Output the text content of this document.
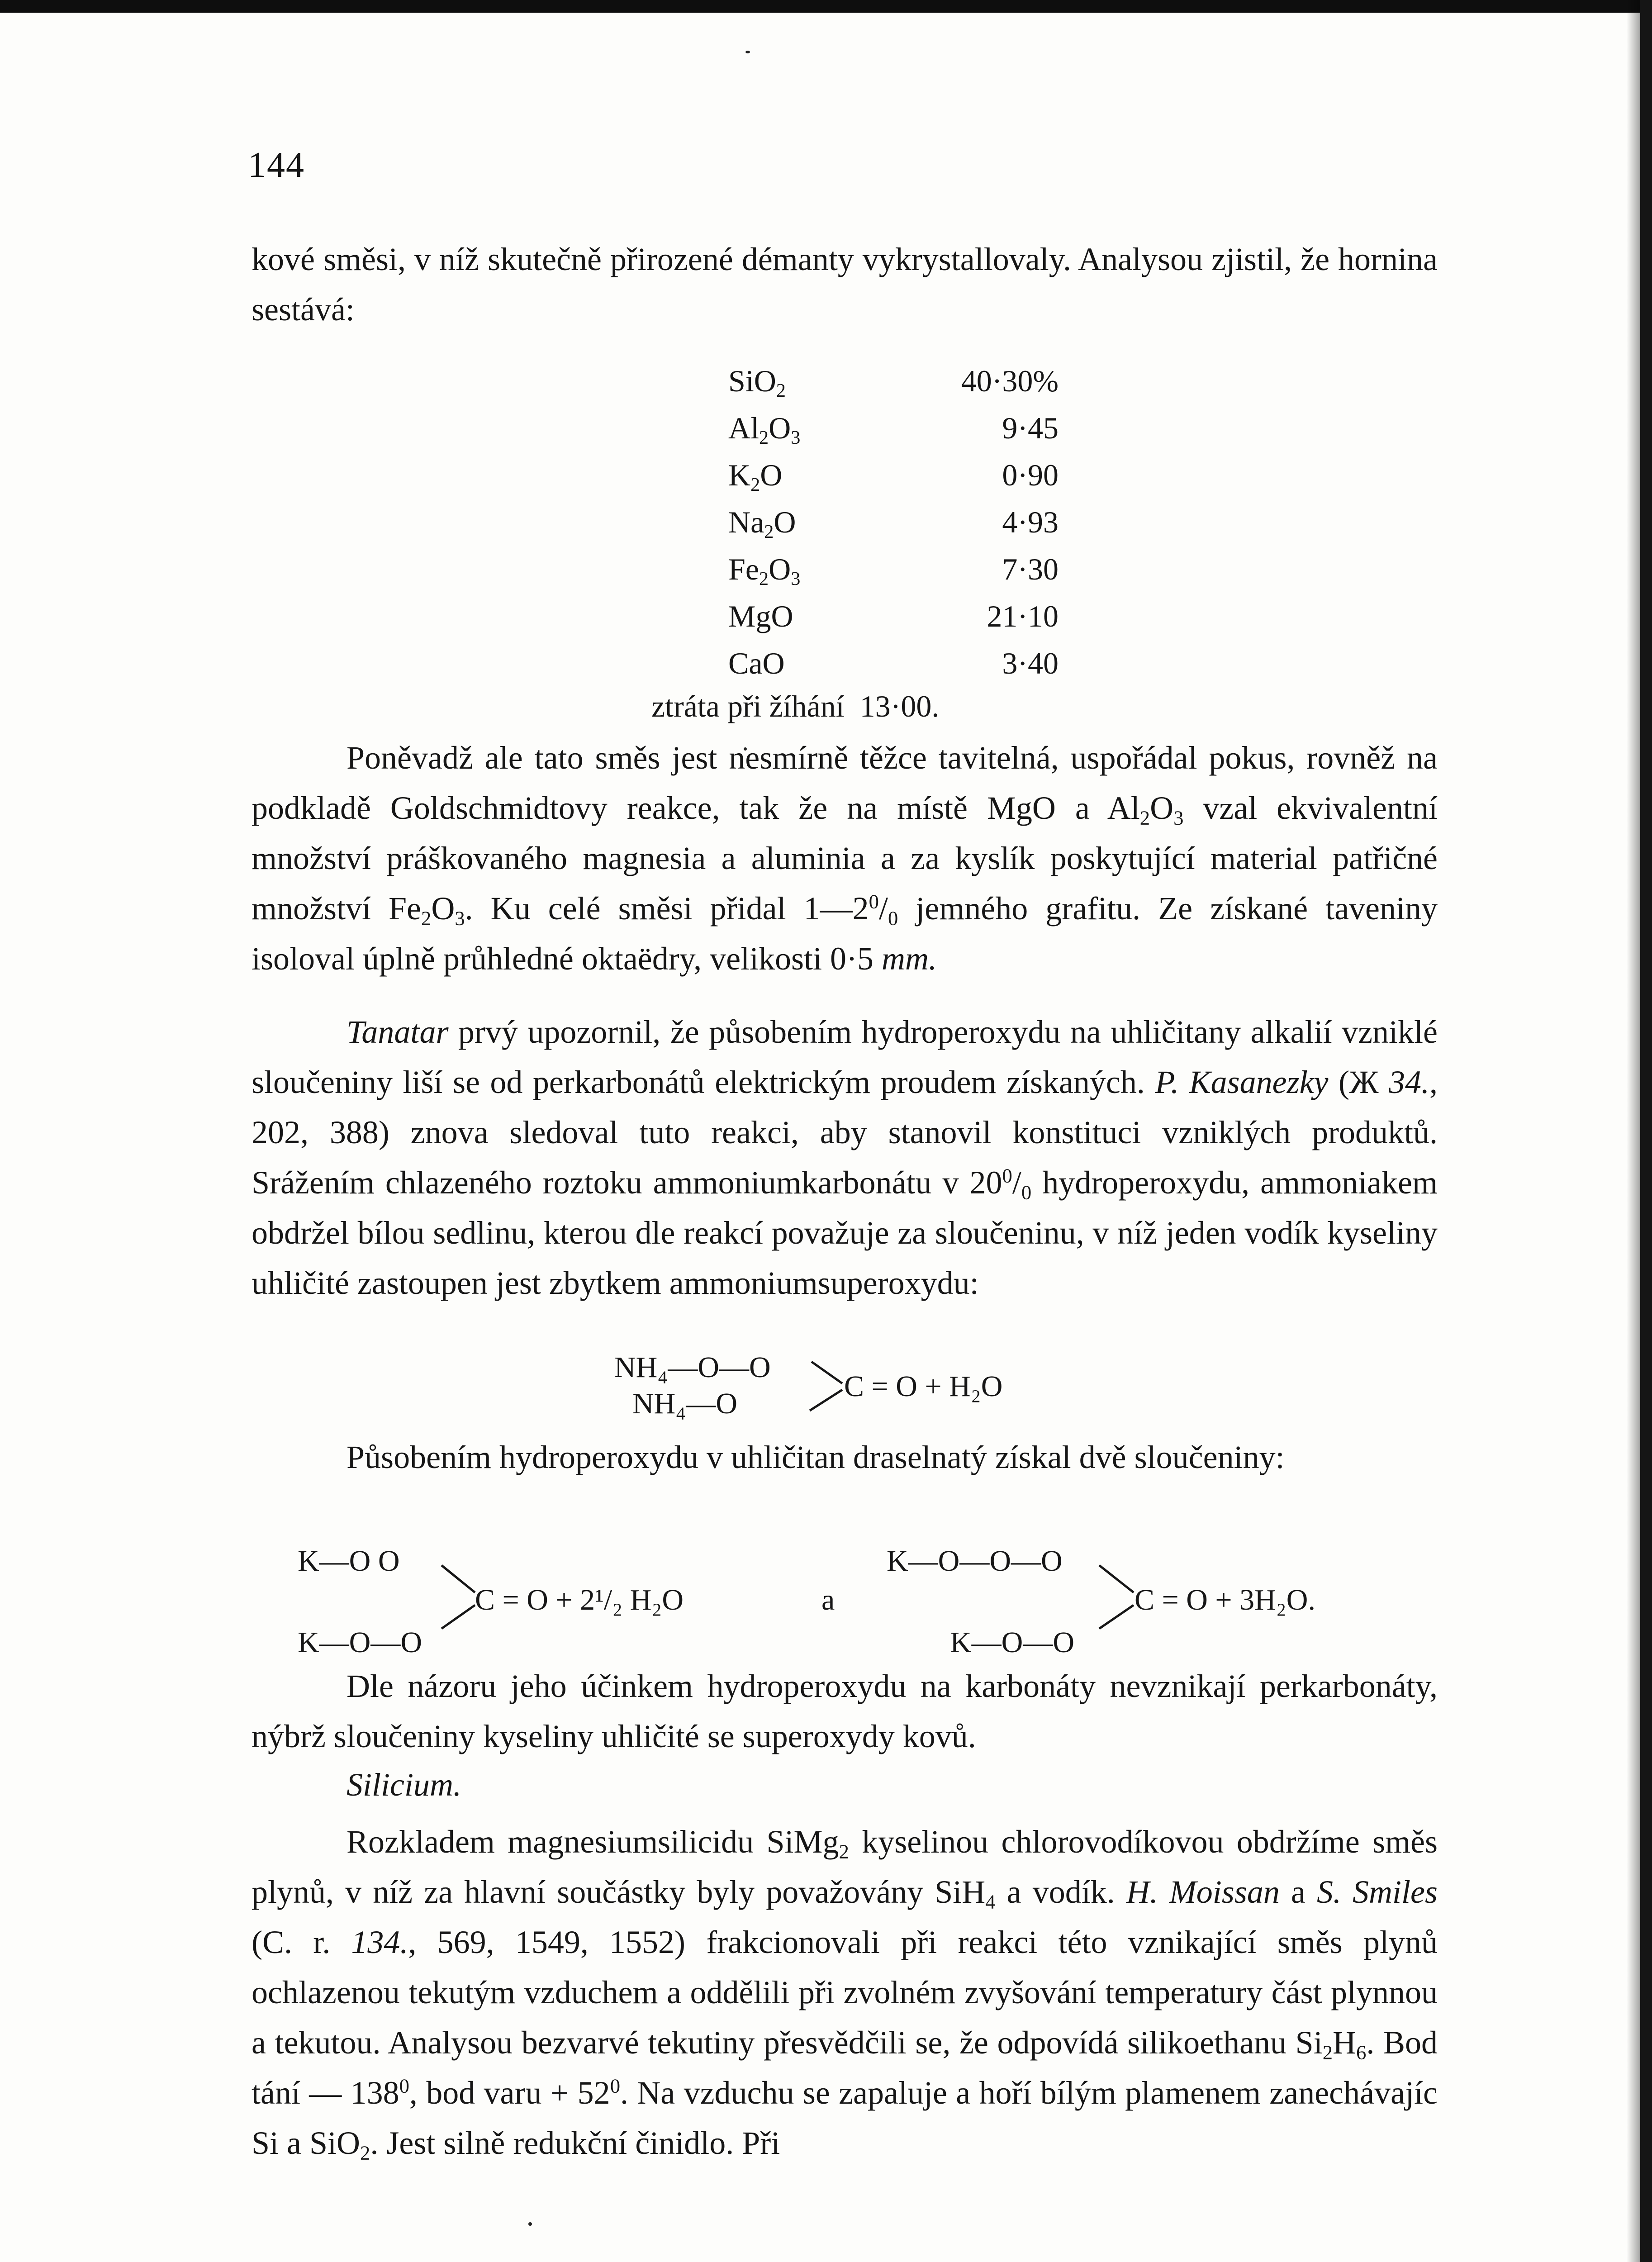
144
kové směsi, v níž skutečně přirozené démanty vykrystallovaly. Analysou zjistil, že hornina sestává:
SiO$_2$	40·30%
$Al_2O_3$	9·45
$K_2O$	0·90
$Na_2O$	4·93
$Fe_2O_3$	7·30
MgO	21·10
CaO	3·40
ztráta při žíhání 13·00.
Poněvadž ale tato směs jest nesmírně těžce tavitelná, uspořádal pokus, rovněž na podkladě Goldschmidtovy reakce, tak že na místě MgO a $Al_2O_3$ vzal ekvivalentní množství práškovaného magnesia a aluminia a za kyslík poskytující material patřičné množství $Fe_2O_3$. Ku celé směsi přidal $1—2^0/_0$ jemného grafitu. Ze získané taveniny isoloval úplně průhledné oktaëdry, velikosti 0·5 mm.
Tanatar prvý upozornil, že působením hydroperoxydu na uhličitany alkalií vzniklé sloučeniny liší se od perkarbonátů elektrickým proudem získaných. P. Kasanezky (Ж 34., 202, 388) znova sledoval tuto reakci, aby stanovil konstituci vzniklých produktů. Srážením chlazeného roztoku ammoniumkarbonátu v $20^0/_0$ hydroperoxydu, ammoniakem obdržel bílou sedlinu, kterou dle reakcí považuje za sloučeninu, v níž jeden vodík kyseliny uhličité zastoupen jest zbytkem ammoniumsuperoxydu:
NH₄—O—O
NH₄—O
C = O + H₂O
Působením hydroperoxydu v uhličitan draselnatý získal dvě sloučeniny:
K—O O
K—O—O
C = O + 2¹/₂ H₂O	a
K—O—O—O
K—O—O
C = O + 3H₂O.
Dle názoru jeho účinkem hydroperoxydu na karbonáty nevznikají perkarbonáty, nýbrž sloučeniny kyseliny uhličité se superoxydy kovů.
Silicium.
Rozkladem magnesiumsilicidu SiMg$_2$ kyselinou chlorovodíkovou obdržíme směs plynů, v níž za hlavní součástky byly považovány SiH$_4$ a vodík. H. Moissan a S. Smiles (C. r. 134., 569, 1549, 1552) frakcionovali při reakci této vznikající směs plynů ochlazenou tekutým vzduchem a oddělili při zvolném zvyšování temperatury část plynnou a tekutou. Analysou bezvarvé tekutiny přesvědčili se, že odpovídá silikoethanu $Si_2H_6$. Bod tání — $138^0$, bod varu + $52^0$. Na vzduchu se zapaluje a hoří bílým plamenem zanechávajíc Si a SiO$_2$. Jest silně redukční činidlo. Při
